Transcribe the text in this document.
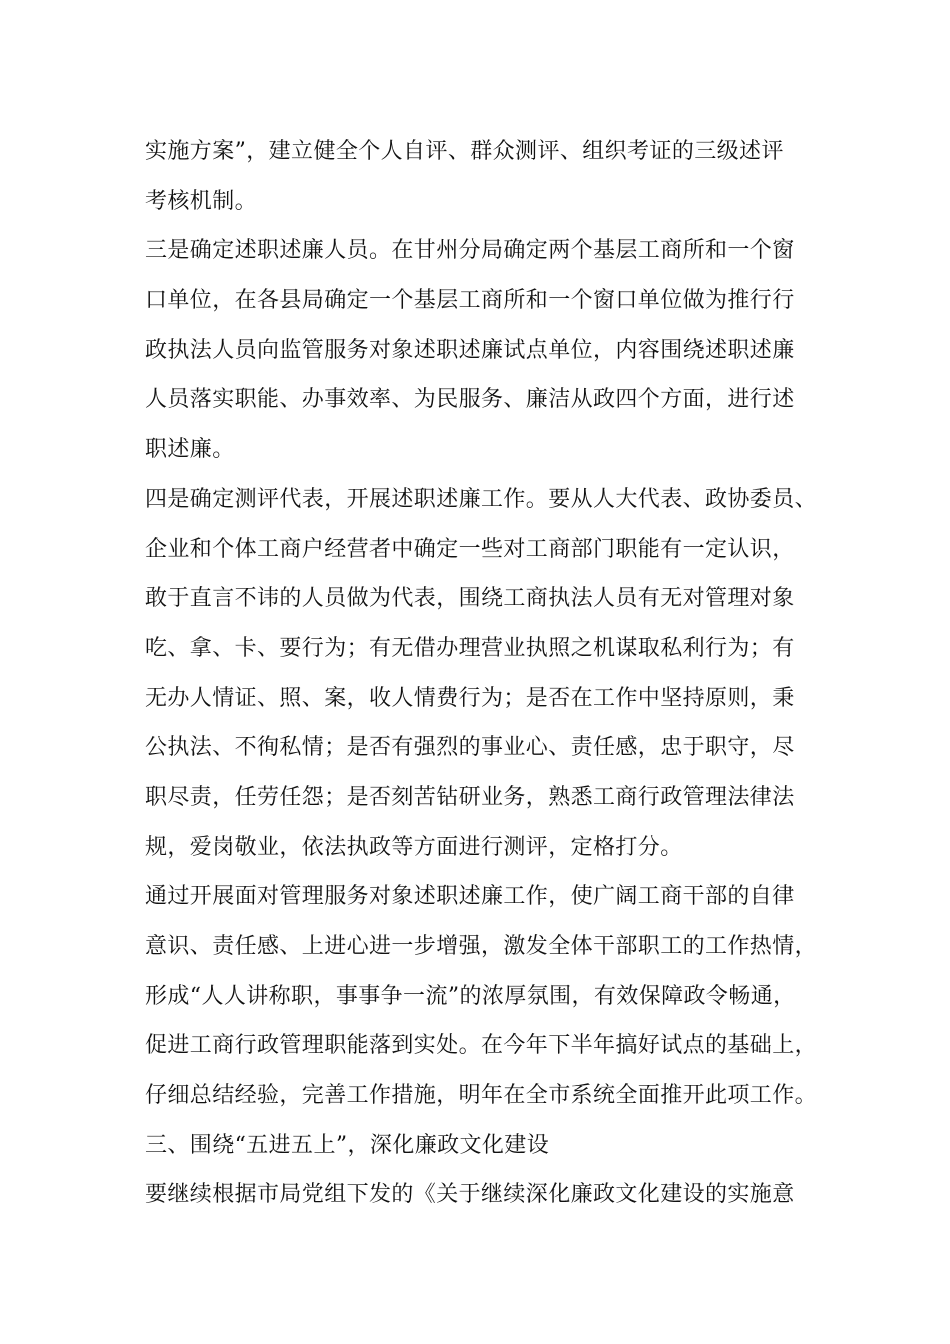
实施方案”，建立健全个人自评、群众测评、组织考证的三级述评
考核机制。
三是确定述职述廉人员。在甘州分局确定两个基层工商所和一个窗
口单位，在各县局确定一个基层工商所和一个窗口单位做为推行行
政执法人员向监管服务对象述职述廉试点单位，内容围绕述职述廉
人员落实职能、办事效率、为民服务、廉洁从政四个方面，进行述
职述廉。
四是确定测评代表，开展述职述廉工作。要从人大代表、政协委员、
企业和个体工商户经营者中确定一些对工商部门职能有一定认识，
敢于直言不讳的人员做为代表，围绕工商执法人员有无对管理对象
吃、拿、卡、要行为；有无借办理营业执照之机谋取私利行为；有
无办人情证、照、案，收人情费行为；是否在工作中坚持原则，秉
公执法、不徇私情；是否有强烈的事业心、责任感，忠于职守，尽
职尽责，任劳任怨；是否刻苦钻研业务，熟悉工商行政管理法律法
规，爱岗敬业，依法执政等方面进行测评，定格打分。
通过开展面对管理服务对象述职述廉工作，使广阔工商干部的自律
意识、责任感、上进心进一步增强，激发全体干部职工的工作热情，
形成“人人讲称职，事事争一流”的浓厚氛围，有效保障政令畅通，
促进工商行政管理职能落到实处。在今年下半年搞好试点的基础上，
仔细总结经验，完善工作措施，明年在全市系统全面推开此项工作。
三、围绕“五进五上”，深化廉政文化建设
要继续根据市局党组下发的《关于继续深化廉政文化建设的实施意
